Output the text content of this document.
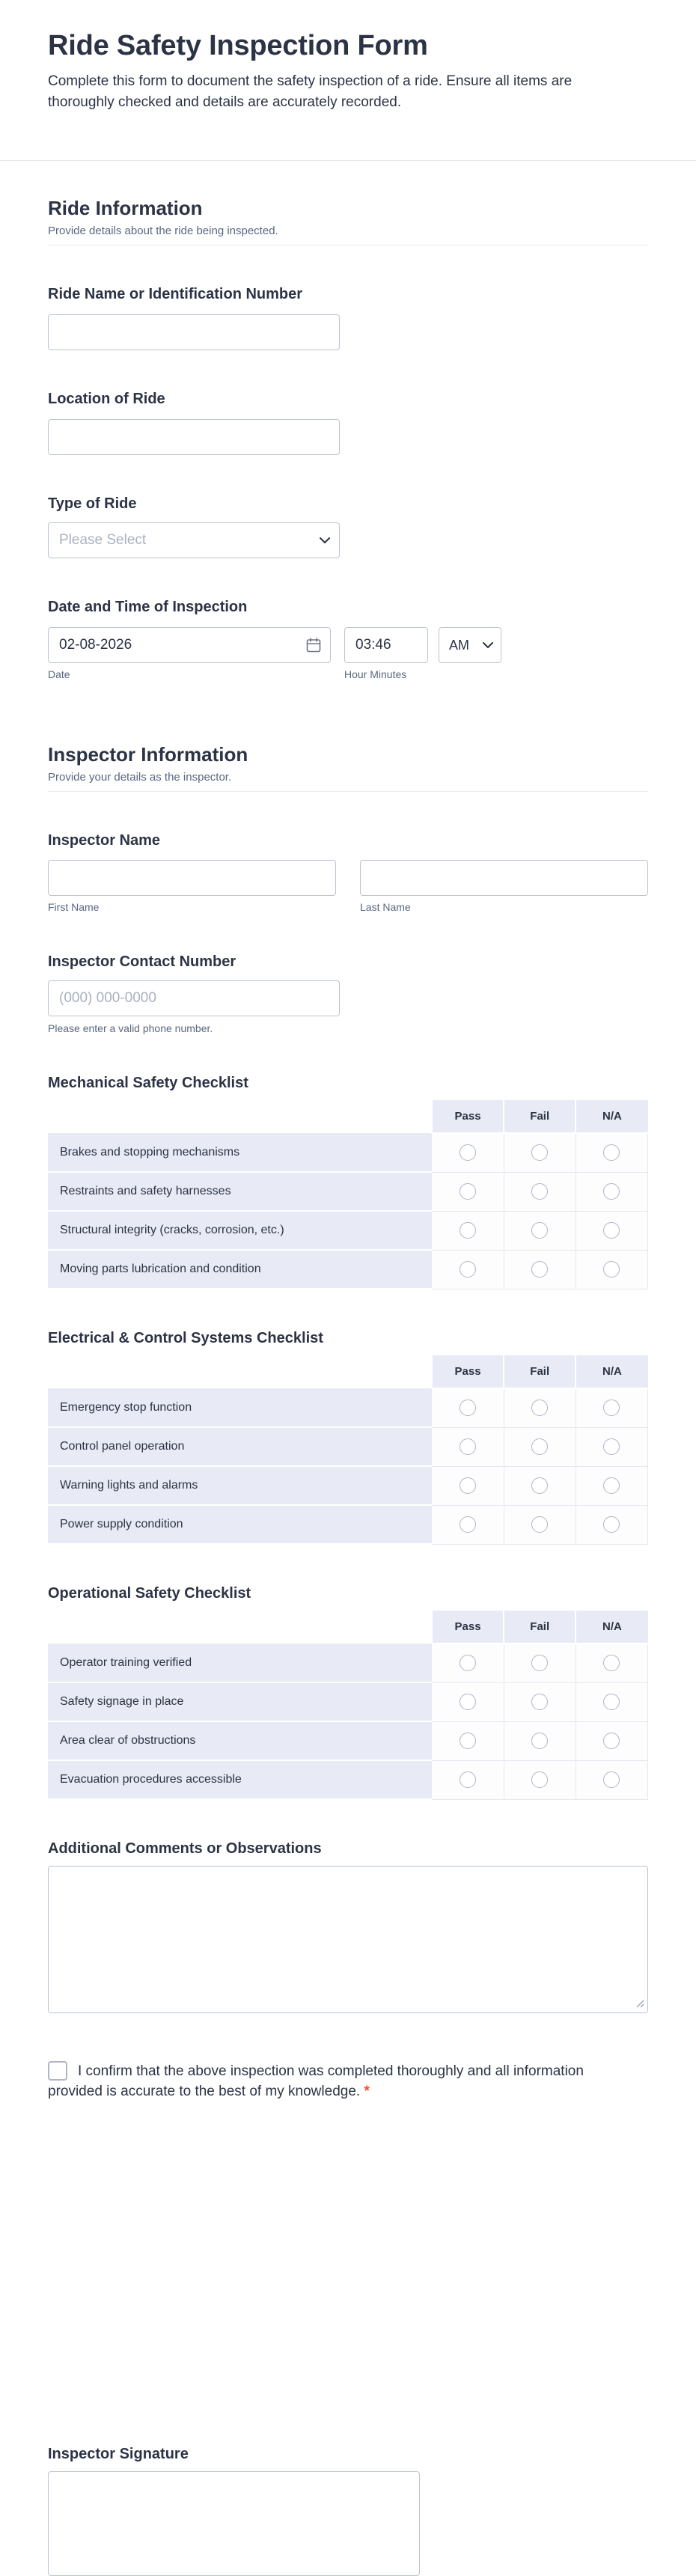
Ride Safety Inspection Form

Complete this form to document the safety inspection of a ride. Ensure all items are thoroughly checked and details are accurately recorded.

Ride Information

Provide details about the ride being inspected.

Ride Name or Identification Number
Location of Ride
Type of Ride
Please Select
Date and Time of Inspection
02-08-2026
03:46
AM
Date	Hour Minutes
Inspector Information

Provide your details as the inspector.

Inspector Name
First Name	Last Name
Inspector Contact Number
(000) 000-0000

Please enter a valid phone number.

Mechanical Safety Checklist
	Pass	Fail	N/A
Brakes and stopping mechanisms			
Restraints and safety harnesses			
Structural integrity (cracks, corrosion, etc.)			
Moving parts lubrication and condition			
Electrical & Control Systems Checklist
	Pass	Fail	N/A
Emergency stop function			
Control panel operation			
Warning lights and alarms			
Power supply condition			
Operational Safety Checklist
	Pass	Fail	N/A
Operator training verified			
Safety signage in place			
Area clear of obstructions			
Evacuation procedures accessible			
Additional Comments or Observations

I confirm that the above inspection was completed thoroughly and all information provided is accurate to the best of my knowledge. *

Inspector Signature
